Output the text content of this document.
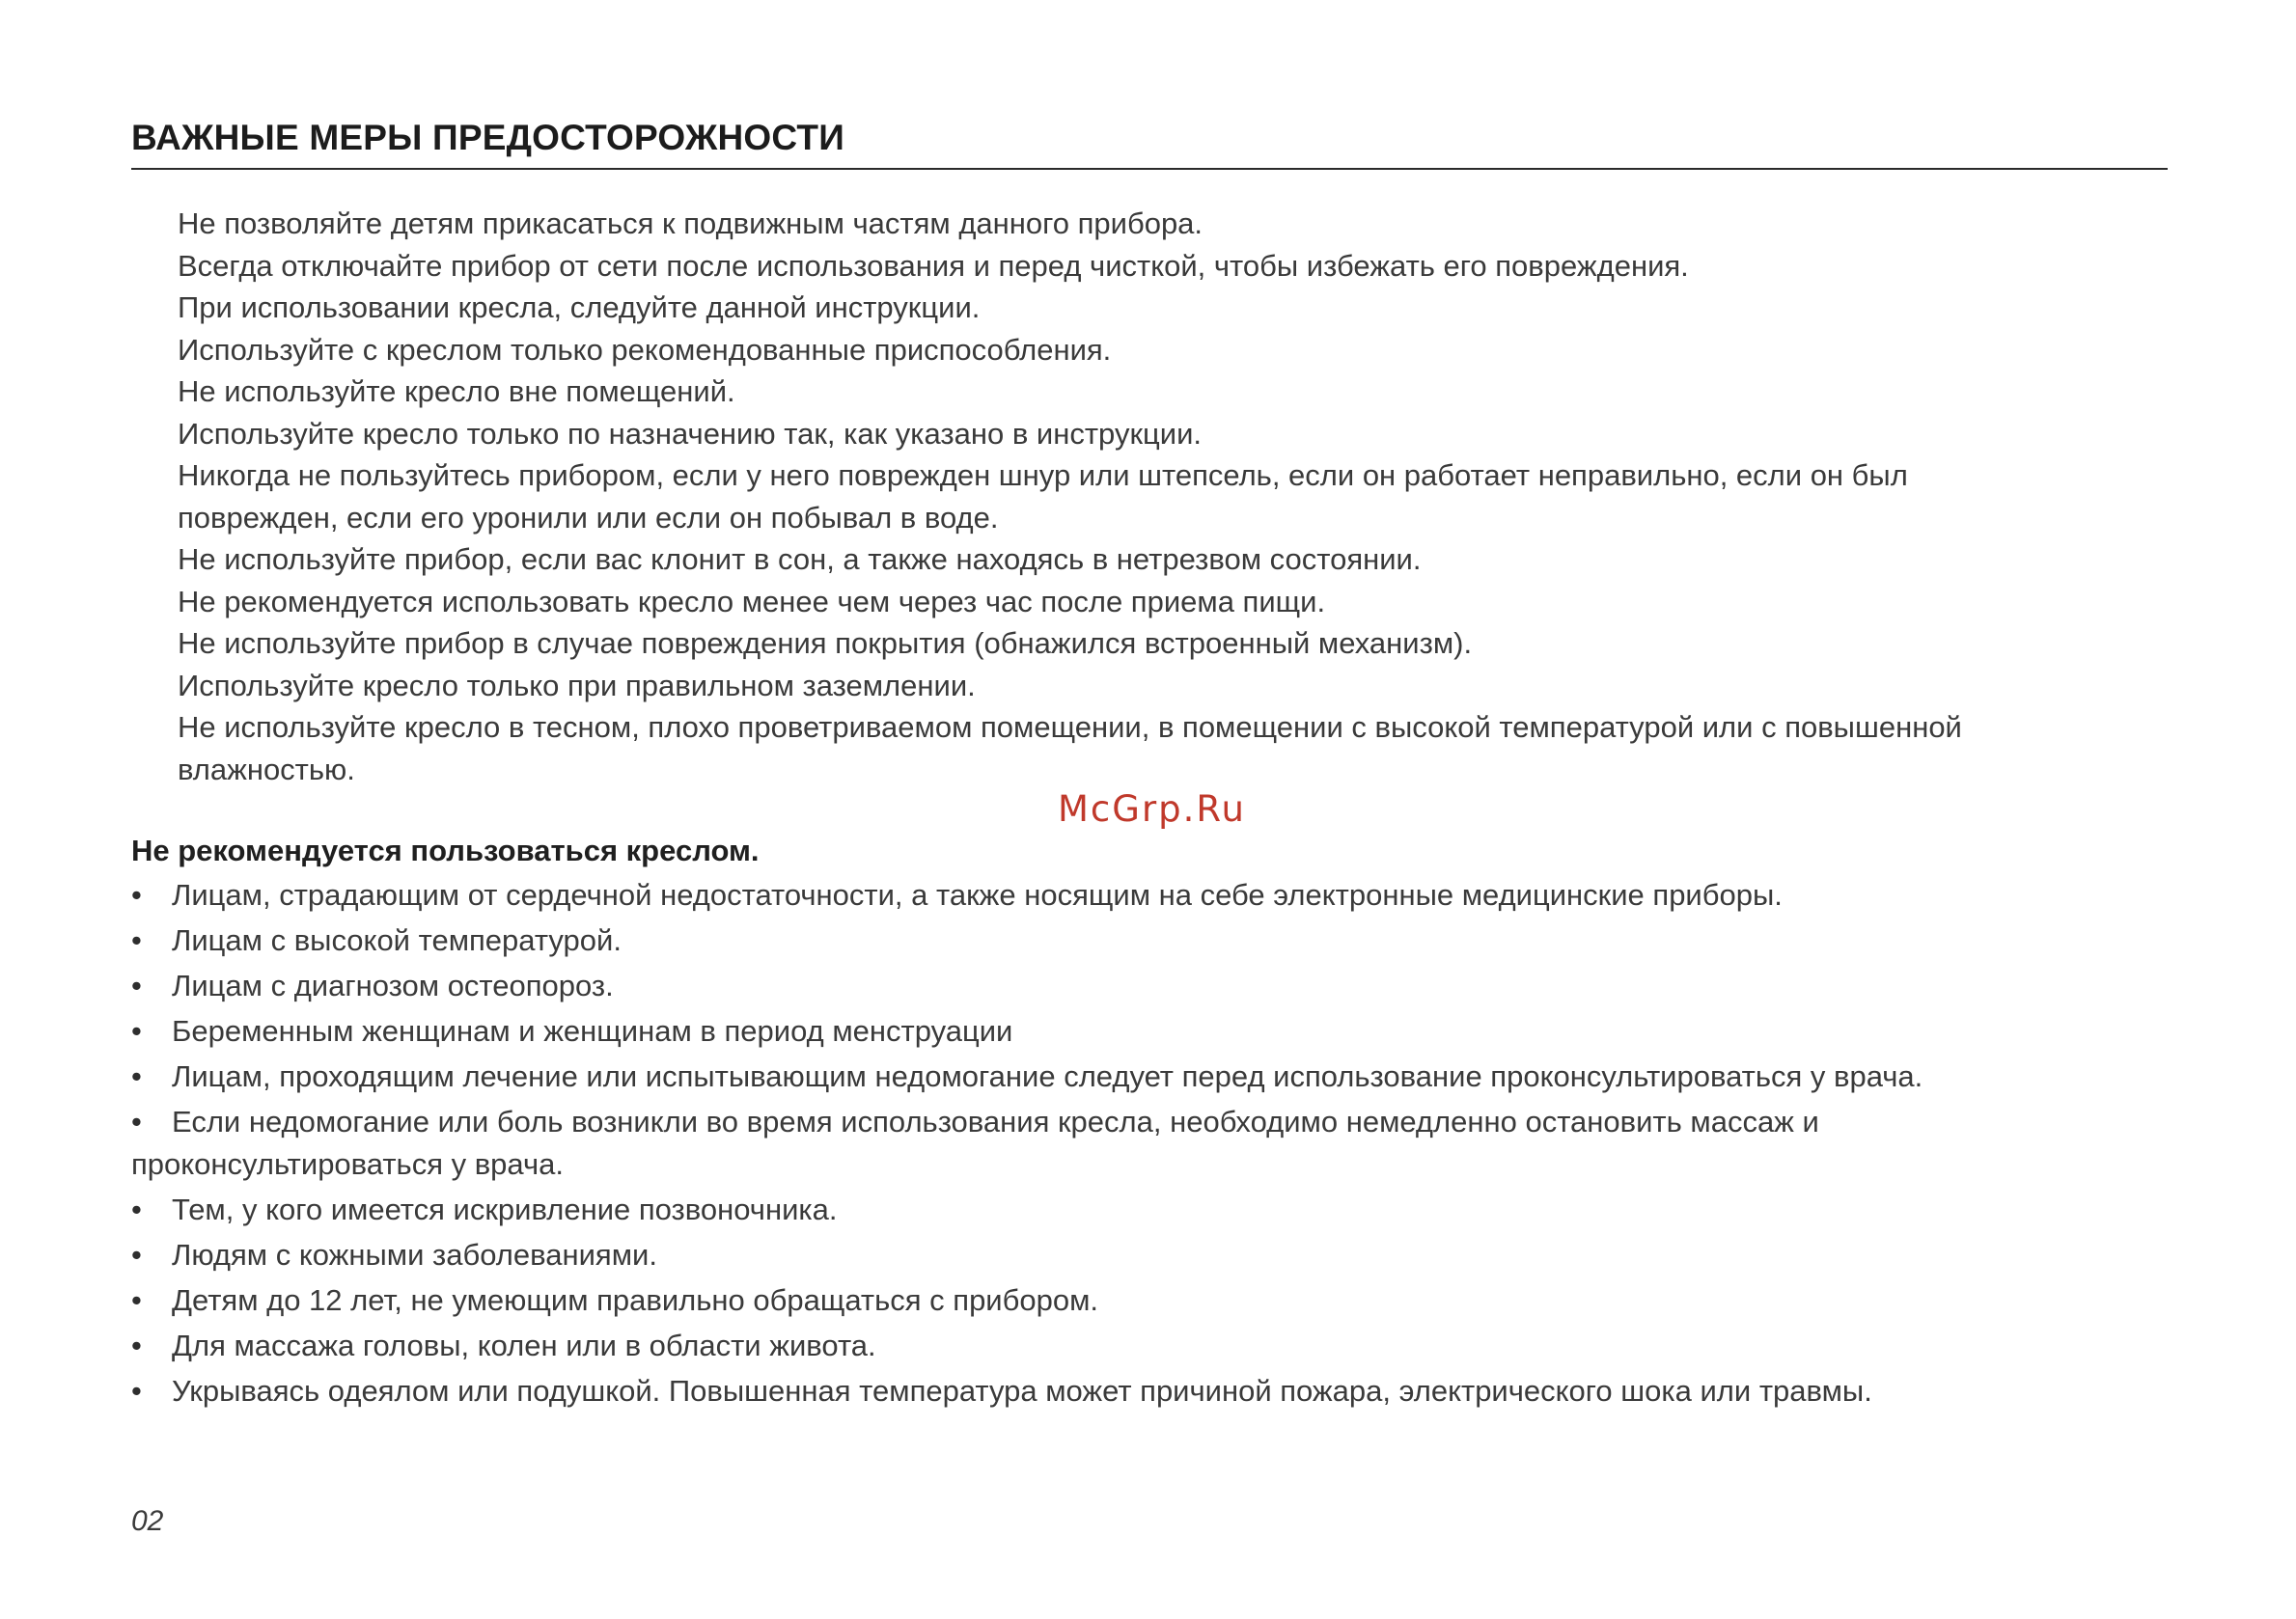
ВАЖНЫЕ МЕРЫ ПРЕДОСТОРОЖНОСТИ
Не позволяйте детям прикасаться к подвижным частям данного прибора.
Всегда отключайте прибор от сети после использования и перед чисткой, чтобы избежать его повреждения.
При использовании кресла, следуйте данной инструкции.
Используйте с креслом только рекомендованные приспособления.
Не используйте кресло вне помещений.
Используйте кресло только по назначению так, как указано в инструкции.
Никогда не пользуйтесь прибором, если у него поврежден шнур или штепсель, если он работает неправильно, если он был поврежден, если его уронили или если он побывал в воде.
Не используйте прибор, если вас клонит в сон, а также находясь в нетрезвом состоянии.
Не рекомендуется использовать кресло менее чем через час после приема пищи.
Не используйте прибор в случае повреждения покрытия (обнажился встроенный механизм).
Используйте кресло только при правильном заземлении.
Не используйте кресло в тесном, плохо проветриваемом помещении, в помещении с высокой температурой или с повышенной влажностью.
McGrp.Ru
Не рекомендуется пользоваться креслом.
• Лицам, страдающим от сердечной недостаточности, а также носящим на себе электронные медицинские приборы.
• Лицам с высокой температурой.
• Лицам с диагнозом остеопороз.
• Беременным женщинам и женщинам в период менструации
• Лицам, проходящим лечение или испытывающим недомогание следует перед использование проконсультироваться у врача.
• Если недомогание или боль возникли во время использования кресла, необходимо немедленно остановить массаж и проконсультироваться у врача.
• Тем, у кого имеется искривление позвоночника.
• Людям с кожными заболеваниями.
• Детям до 12 лет, не умеющим правильно обращаться с прибором.
• Для массажа головы, колен или в области живота.
• Укрываясь одеялом или подушкой. Повышенная температура может причиной пожара, электрического шока или травмы.
02
